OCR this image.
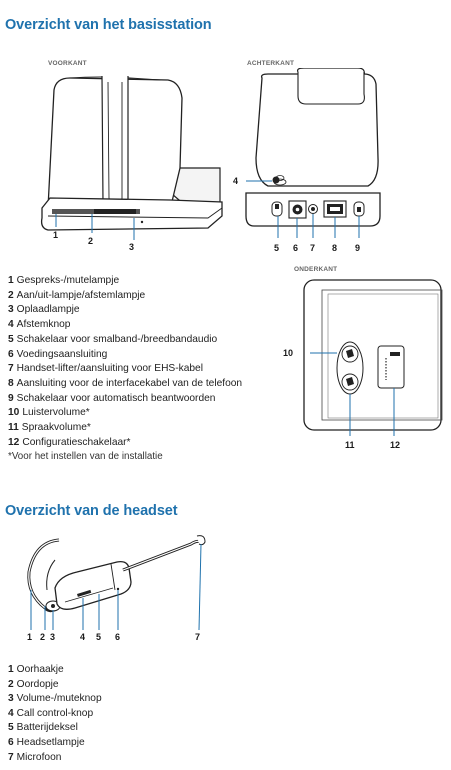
Overzicht van het basisstation
VOORKANT	ACHTERKANT
1
2
3
4
5 6 7 8 9
ONDERKANT
10
11	12
1 Gespreks-/mutelampje
2 Aan/uit-lampje/afstemlampje
3 Oplaadlampje
4 Afstemknop
5 Schakelaar voor smalband-/breedbandaudio
6 Voedingsaansluiting
7 Handset-lifter/aansluiting voor EHS-kabel
8 Aansluiting voor de interfacekabel van de telefoon
9 Schakelaar voor automatisch beantwoorden
10 Luistervolume*
11 Spraakvolume*
12 Configuratieschakelaar*
*Voor het instellen van de installatie
Overzicht van de headset
1 2 3	4 5 6	7
1 Oorhaakje
2 Oordopje
3 Volume-/muteknop
4 Call control-knop
5 Batterijdeksel
6 Headsetlampje
7 Microfoon
